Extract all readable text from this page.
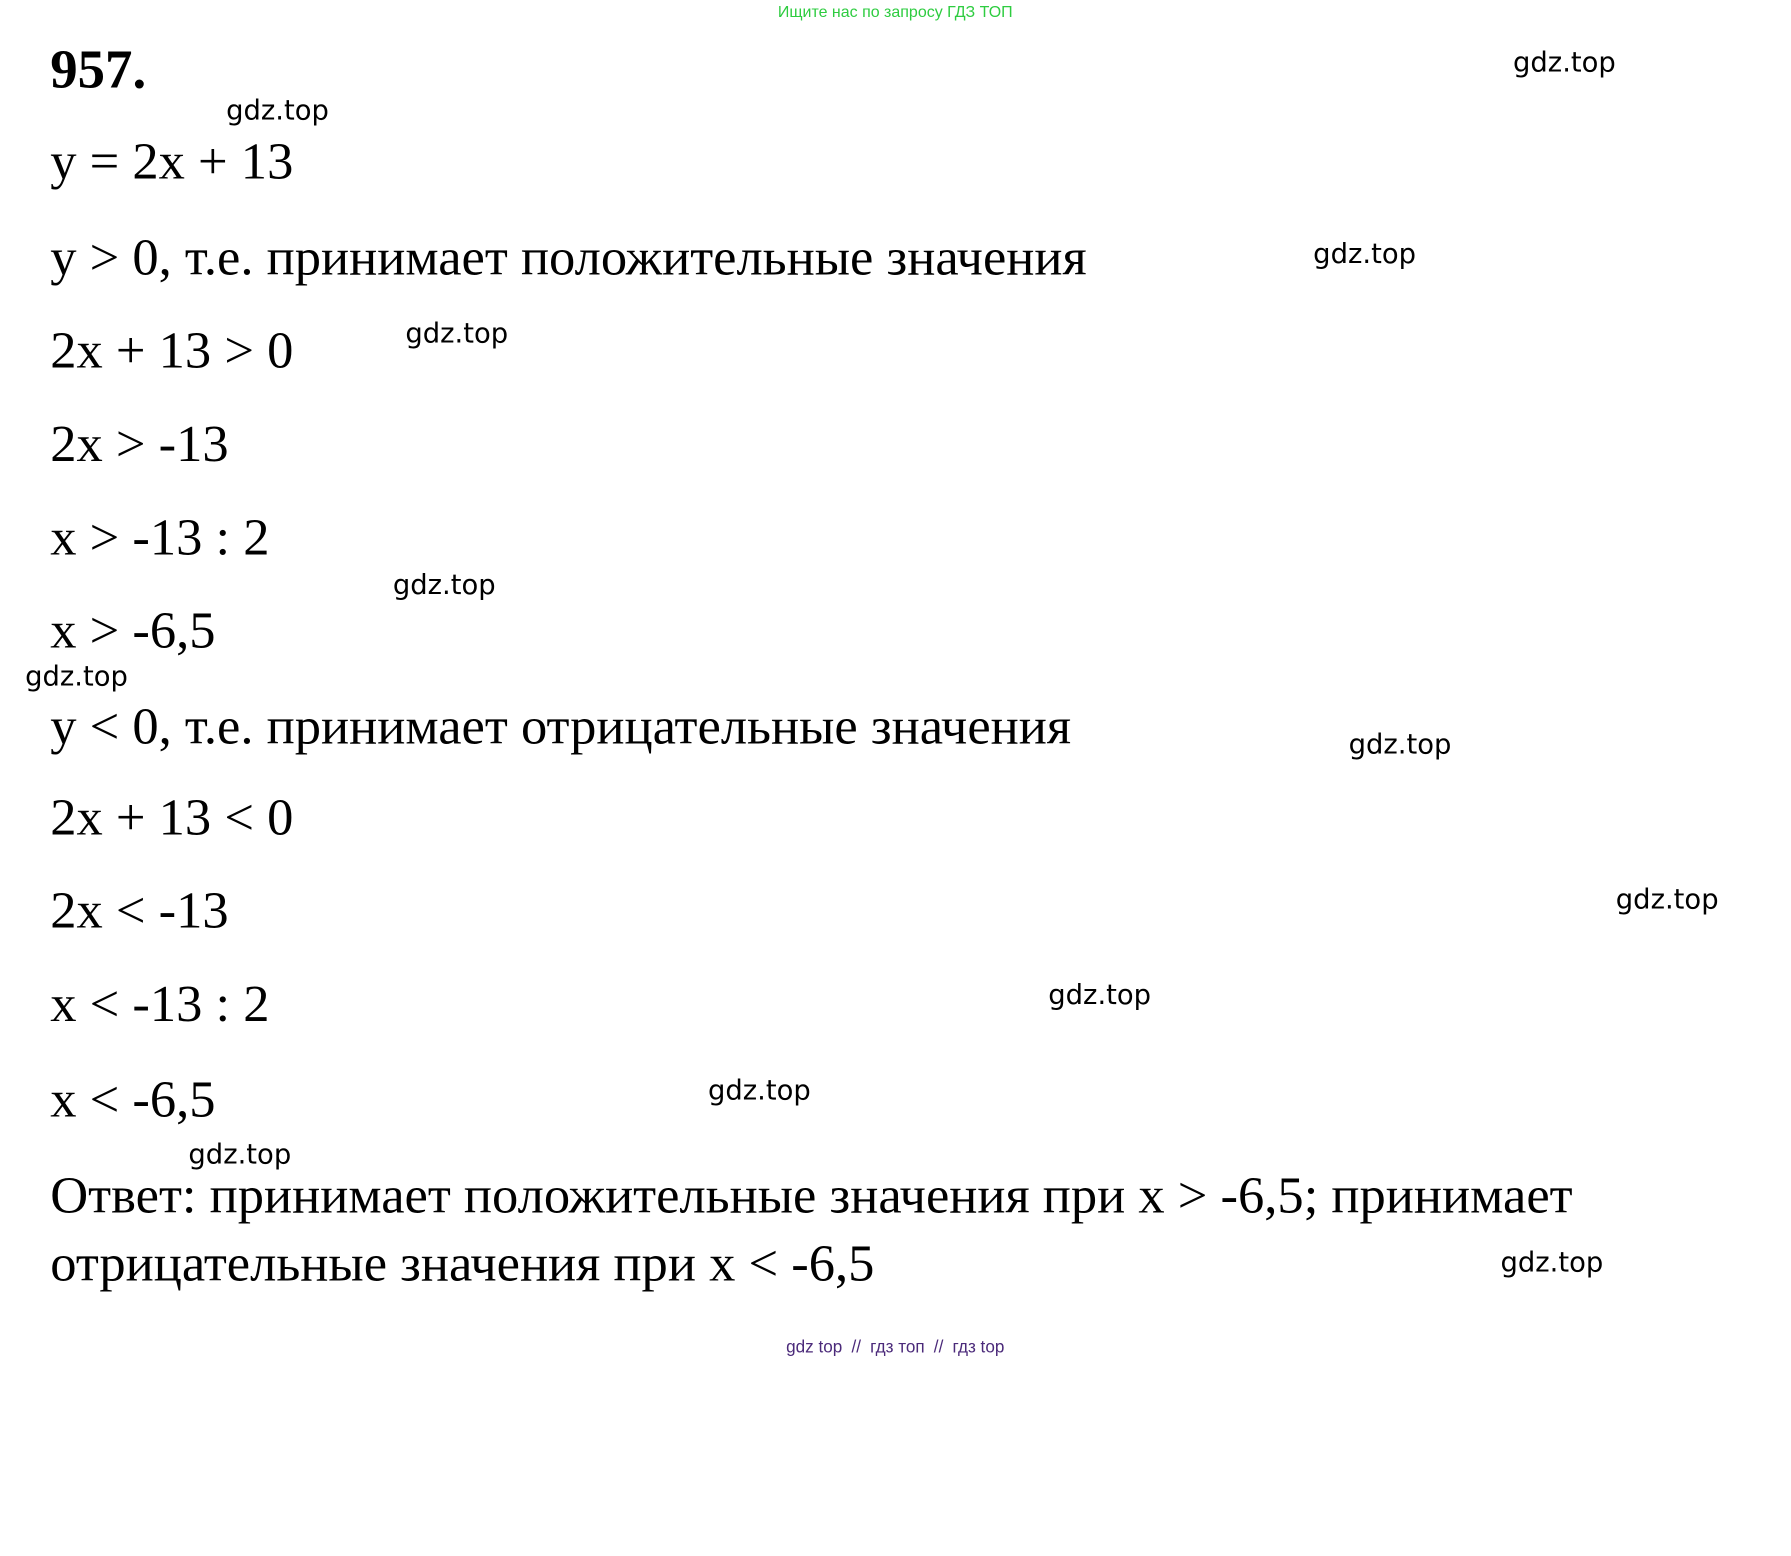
Ищите нас по запросу ГДЗ ТОП
957.
y = 2x + 13
y > 0, т.е. принимает положительные значения
2x + 13 > 0
2x > -13
x > -13 : 2
x > -6,5
y < 0, т.е. принимает отрицательные значения
2x + 13 < 0
2x < -13
x < -13 : 2
x < -6,5
Ответ: принимает положительные значения при x > -6,5; принимает
отрицательные значения при x < -6,5
gdz.top
gdz.top
gdz.top
gdz.top
gdz.top
gdz.top
gdz.top
gdz.top
gdz.top
gdz.top
gdz.top
gdz.top
gdz top // гдз топ // гдз top
